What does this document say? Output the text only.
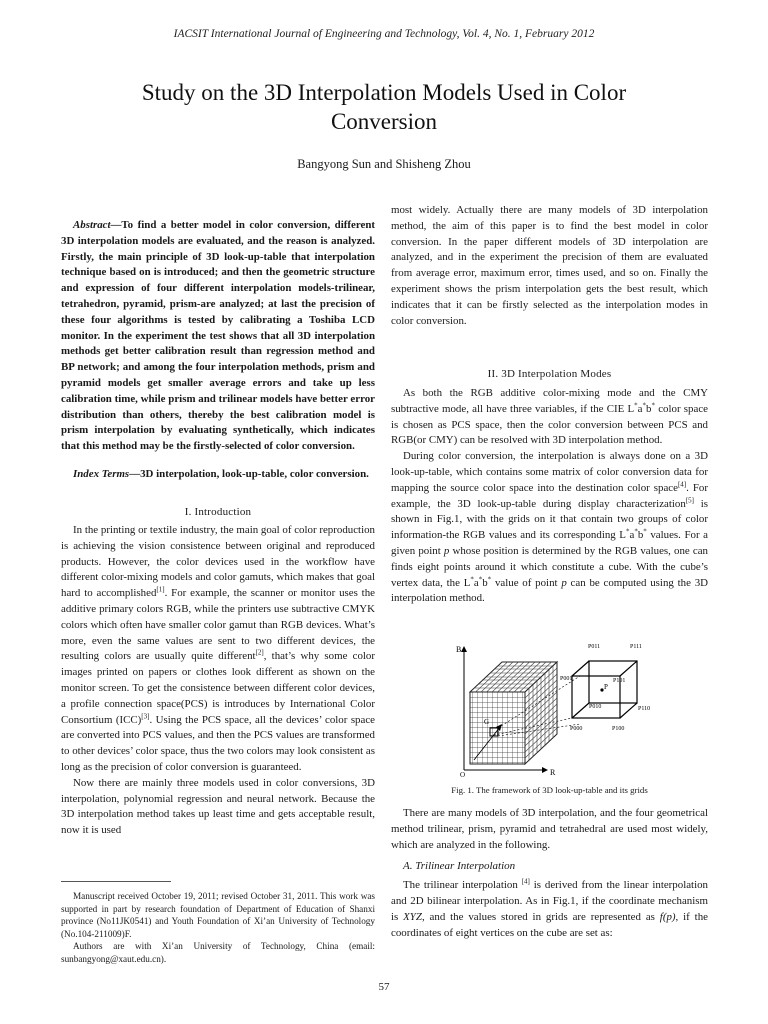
IACSIT International Journal of Engineering and Technology, Vol. 4, No. 1, February 2012
Study on the 3D Interpolation Models Used in Color
Conversion
Bangyong Sun and Shisheng Zhou

Abstract—To find a better model in color conversion, different 3D interpolation models are evaluated, and the reason is analyzed. Firstly, the main principle of 3D look-up-table that interpolation technique based on is introduced; and then the geometric structure and expression of four different interpolation models-trilinear, tetrahedron, pyramid, prism-are analyzed; at last the precision of these four algorithms is tested by calibrating a Toshiba LCD monitor. In the experiment the test shows that all 3D interpolation methods get better calibration result than regression method and BP network; and among the four interpolation methods, prism and pyramid models get smaller average errors and take up less calibration time, while prism and trilinear models have better error distribution than others, thereby the best calibration model is prism interpolation by evaluating synthetically, which indicates that this method may be the firstly-selected of color conversion.

Index Terms—3D interpolation, look-up-table, color conversion.

I. Introduction

In the printing or textile industry, the main goal of color reproduction is achieving the vision consistence between original and reproduced products. However, the color devices used in the workflow have different color-mixing models and color gamuts, which makes that goal hard to accomplished[1]. For example, the scanner or monitor uses the additive primary colors RGB, while the printers use subtractive CMYK colors which often have smaller color gamut than RGB devices. What’s more, even the same values are sent to two different devices, the resulting colors are usually quite different[2], that’s why some color images printed on papers or clothes look different as shown on the monitor screen. To get the consistence between different color devices, a profile connection space(PCS) is introduces by International Color Consortium (ICC)[3]. Using the PCS space, all the devices’ color space are converted into PCS values, and then the PCS values are transformed to other devices’ color space, thus the two colors may look consistent as long as the precision of color conversion is guaranteed.

Now there are mainly three models used in color conversions, 3D interpolation, polynomial regression and neural network. Because the 3D interpolation method takes up least time and gets acceptable result, now it is used

Manuscript received October 19, 2011; revised October 31, 2011. This work was supported in part by research foundation of Department of Education of Shanxi province (No11JK0541) and Youth Foundation of Xi’an University of Technology (No.104-211009)F.

Authors are with Xi’an University of Technology, China (email: sunbangyong@xaut.edu.cn).

most widely. Actually there are many models of 3D interpolation method, the aim of this paper is to find the best model in color conversion. In the paper different models of 3D interpolation are analyzed, and in the experiment the precision of them are evaluated from average error, maximum error, times used, and so on. Finally the experiment shows the prism interpolation gets the best result, which indicates that it can be firstly selected as the interpolation modes in color conversion.

II. 3D Interpolation Modes

As both the RGB additive color-mixing mode and the CMY subtractive mode, all have three variables, if the CIE L*a*b* color space is chosen as PCS space, then the color conversion between PCS and RGB(or CMY) can be resolved with 3D interpolation method.

During color conversion, the interpolation is always done on a 3D look-up-table, which contains some matrix of color conversion data for mapping the source color space into the destination color space[4]. For example, the 3D look-up-table during display characterization[5] is shown in Fig.1, with the grids on it that contain two groups of color information-the RGB values and its corresponding L*a*b* values. For a given point p whose position is determined by the RGB values, one can finds eight points around it which constitute a cube. With the cube’s vertex data, the L*a*b* value of point p can be computed using the 3D interpolation method.

B
R
G
O
P
P011	P111
P001	P101
P010	P110
P000	P100
Fig. 1. The framework of 3D look-up-table and its grids

There are many models of 3D interpolation, and the four geometrical method trilinear, prism, pyramid and tetrahedral are used most widely, which are analyzed in the following.

A. Trilinear Interpolation

The trilinear interpolation [4] is derived from the linear interpolation and 2D bilinear interpolation. As in Fig.1, if the coordinate mechanism is XYZ, and the values stored in grids are represented as f(p), if the coordinates of eight vertices on the cube are set as:

57
